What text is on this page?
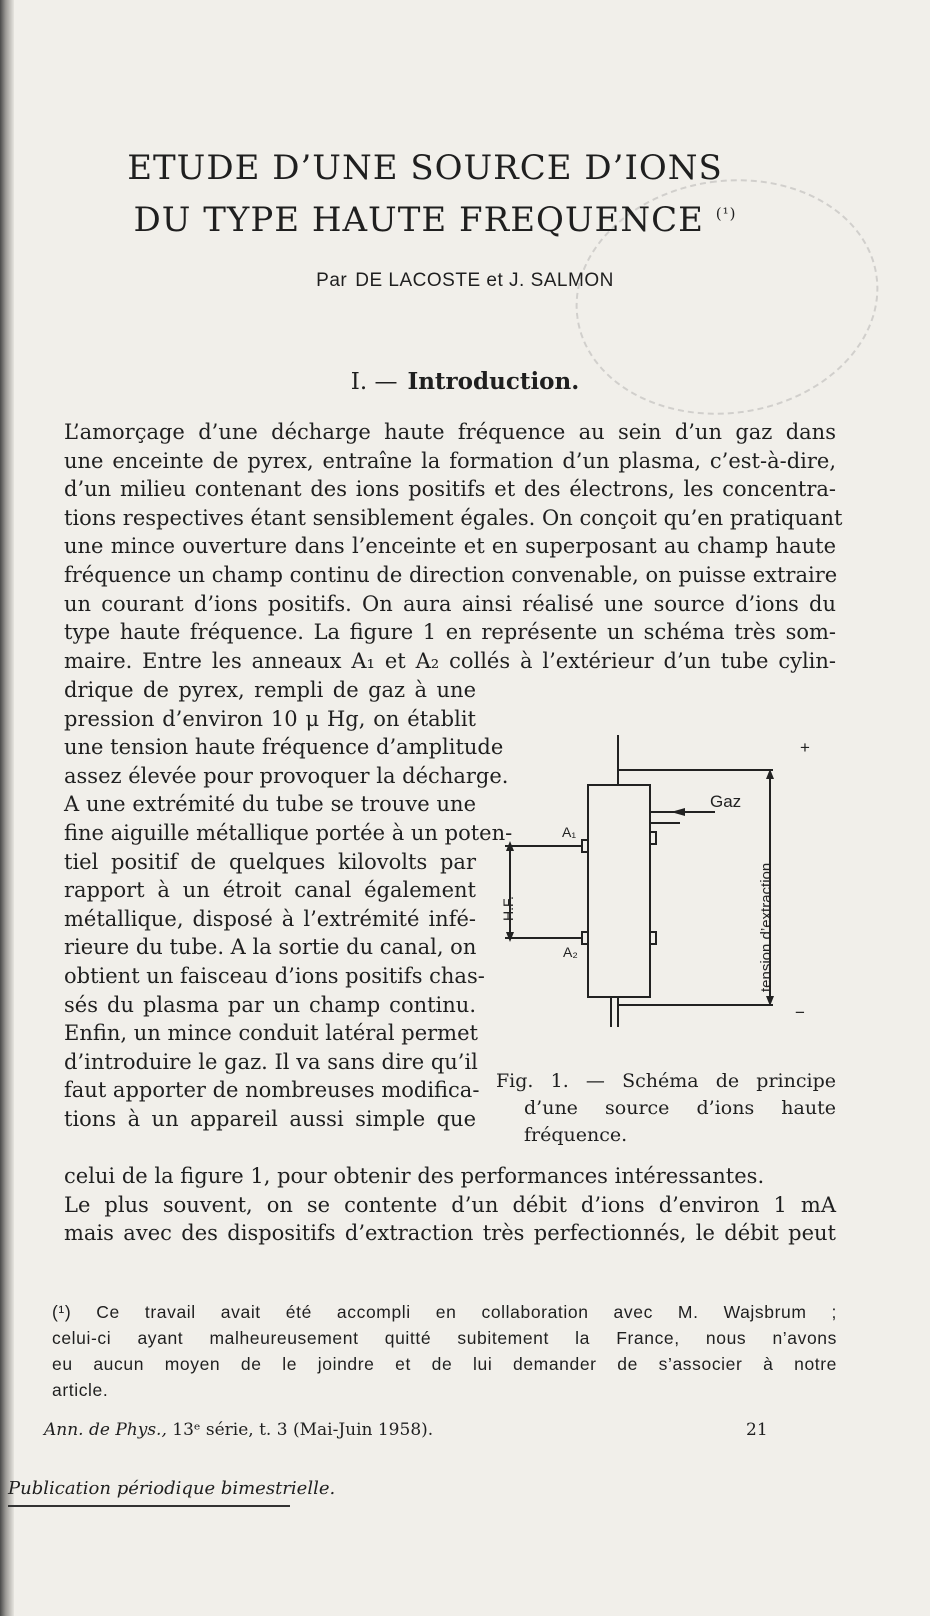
ETUDE D’UNE SOURCE D’IONS
DU TYPE HAUTE FREQUENCE $^{(^1)}$
Par DE LACOSTE et J. SALMON
I. — Introduction.
L’amorçage d’une décharge haute fréquence au sein d’un gaz dans
une enceinte de pyrex, entraîne la formation d’un plasma, c’est-à-dire,
d’un milieu contenant des ions positifs et des électrons, les concentra-
tions respectives étant sensiblement égales. On conçoit qu’en pratiquant
une mince ouverture dans l’enceinte et en superposant au champ haute
fréquence un champ continu de direction convenable, on puisse extraire
un courant d’ions positifs. On aura ainsi réalisé une source d’ions du
type haute fréquence. La figure 1 en représente un schéma très som-
maire. Entre les anneaux A₁ et A₂ collés à l’extérieur d’un tube cylin-
drique de pyrex, rempli de gaz à une
pression d’environ 10 μ Hg, on établit
une tension haute fréquence d’amplitude
assez élevée pour provoquer la décharge.
A une extrémité du tube se trouve une
fine aiguille métallique portée à un poten-
tiel positif de quelques kilovolts par
rapport à un étroit canal également
métallique, disposé à l’extrémité infé-
rieure du tube. A la sortie du canal, on
obtient un faisceau d’ions positifs chas-
sés du plasma par un champ continu.
Enfin, un mince conduit latéral permet
d’introduire le gaz. Il va sans dire qu’il
faut apporter de nombreuses modifica-
tions à un appareil aussi simple que
Gaz
A₁
A₂
H.F.	tension d’extraction
+
−
Fig. 1. — Schéma de principe
d’une source d’ions haute
fréquence.
celui de la figure 1, pour obtenir des performances intéressantes.
Le plus souvent, on se contente d’un débit d’ions d’environ 1 mA
mais avec des dispositifs d’extraction très perfectionnés, le débit peut
(¹) Ce travail avait été accompli en collaboration avec M. Wajsbrum ;
celui-ci ayant malheureusement quitté subitement la France, nous n’avons
eu aucun moyen de le joindre et de lui demander de s’associer à notre
article.
Ann. de Phys., 13ᵉ série, t. 3 (Mai-Juin 1958).	21
Publication périodique bimestrielle.
